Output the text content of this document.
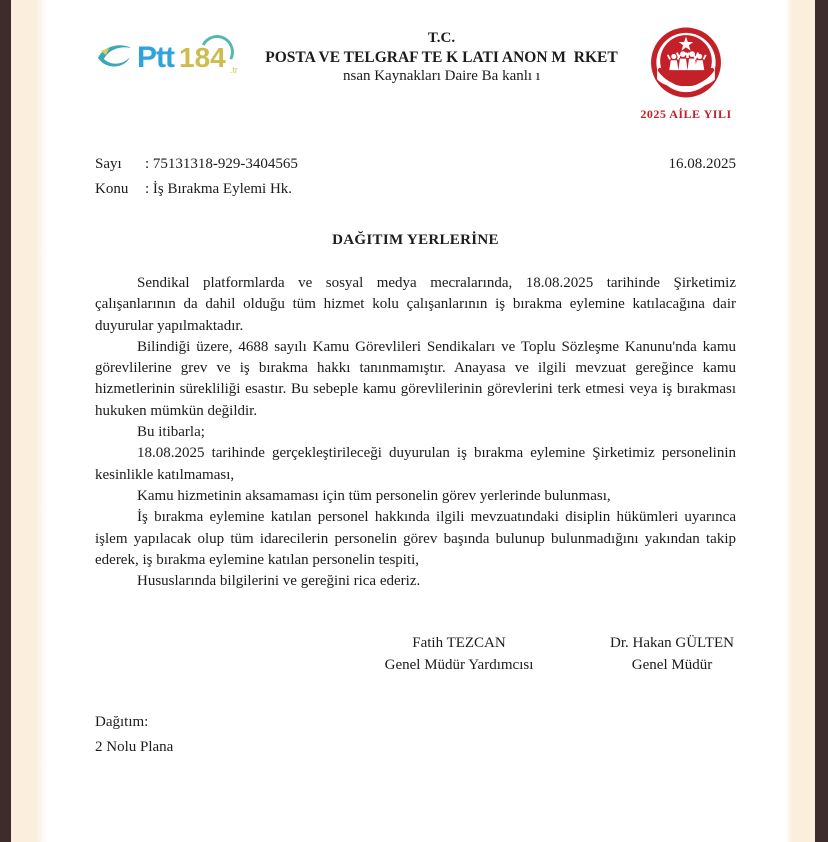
Ptt 184 .tr
T.C.
POSTA VE TELGRAF TE K LATI ANON M  RKET
nsan Kaynakları Daire Ba kanlı ı
2025 AİLE YILI
Sayı	: 75131318-929-3404565
Konu	: İş Bırakma Eylemi Hk.
16.08.2025
DAĞITIM YERLERİNE

Sendikal platformlarda ve sosyal medya mecralarında, 18.08.2025 tarihinde Şirketimiz çalışanlarının da dahil olduğu tüm hizmet kolu çalışanlarının iş bırakma eylemine katılacağına dair duyurular yapılmaktadır.

Bilindiği üzere, 4688 sayılı Kamu Görevlileri Sendikaları ve Toplu Sözleşme Kanunu'nda kamu görevlilerine grev ve iş bırakma hakkı tanınmamıştır. Anayasa ve ilgili mevzuat gereğince kamu hizmetlerinin sürekliliği esastır. Bu sebeple kamu görevlilerinin görevlerini terk etmesi veya iş bırakması hukuken mümkün değildir.

Bu itibarla;

18.08.2025 tarihinde gerçekleştirileceği duyurulan iş bırakma eylemine Şirketimiz personelinin kesinlikle katılmaması,

Kamu hizmetinin aksamaması için tüm personelin görev yerlerinde bulunması,

İş bırakma eylemine katılan personel hakkında ilgili mevzuatındaki disiplin hükümleri uyarınca işlem yapılacak olup tüm idarecilerin personelin görev başında bulunup bulunmadığını yakından takip ederek, iş bırakma eylemine katılan personelin tespiti,

Hususlarında bilgilerini ve gereğini rica ederiz.

Fatih TEZCAN
Genel Müdür Yardımcısı
Dr. Hakan GÜLTEN
Genel Müdür
Dağıtım:
2 Nolu Plana
